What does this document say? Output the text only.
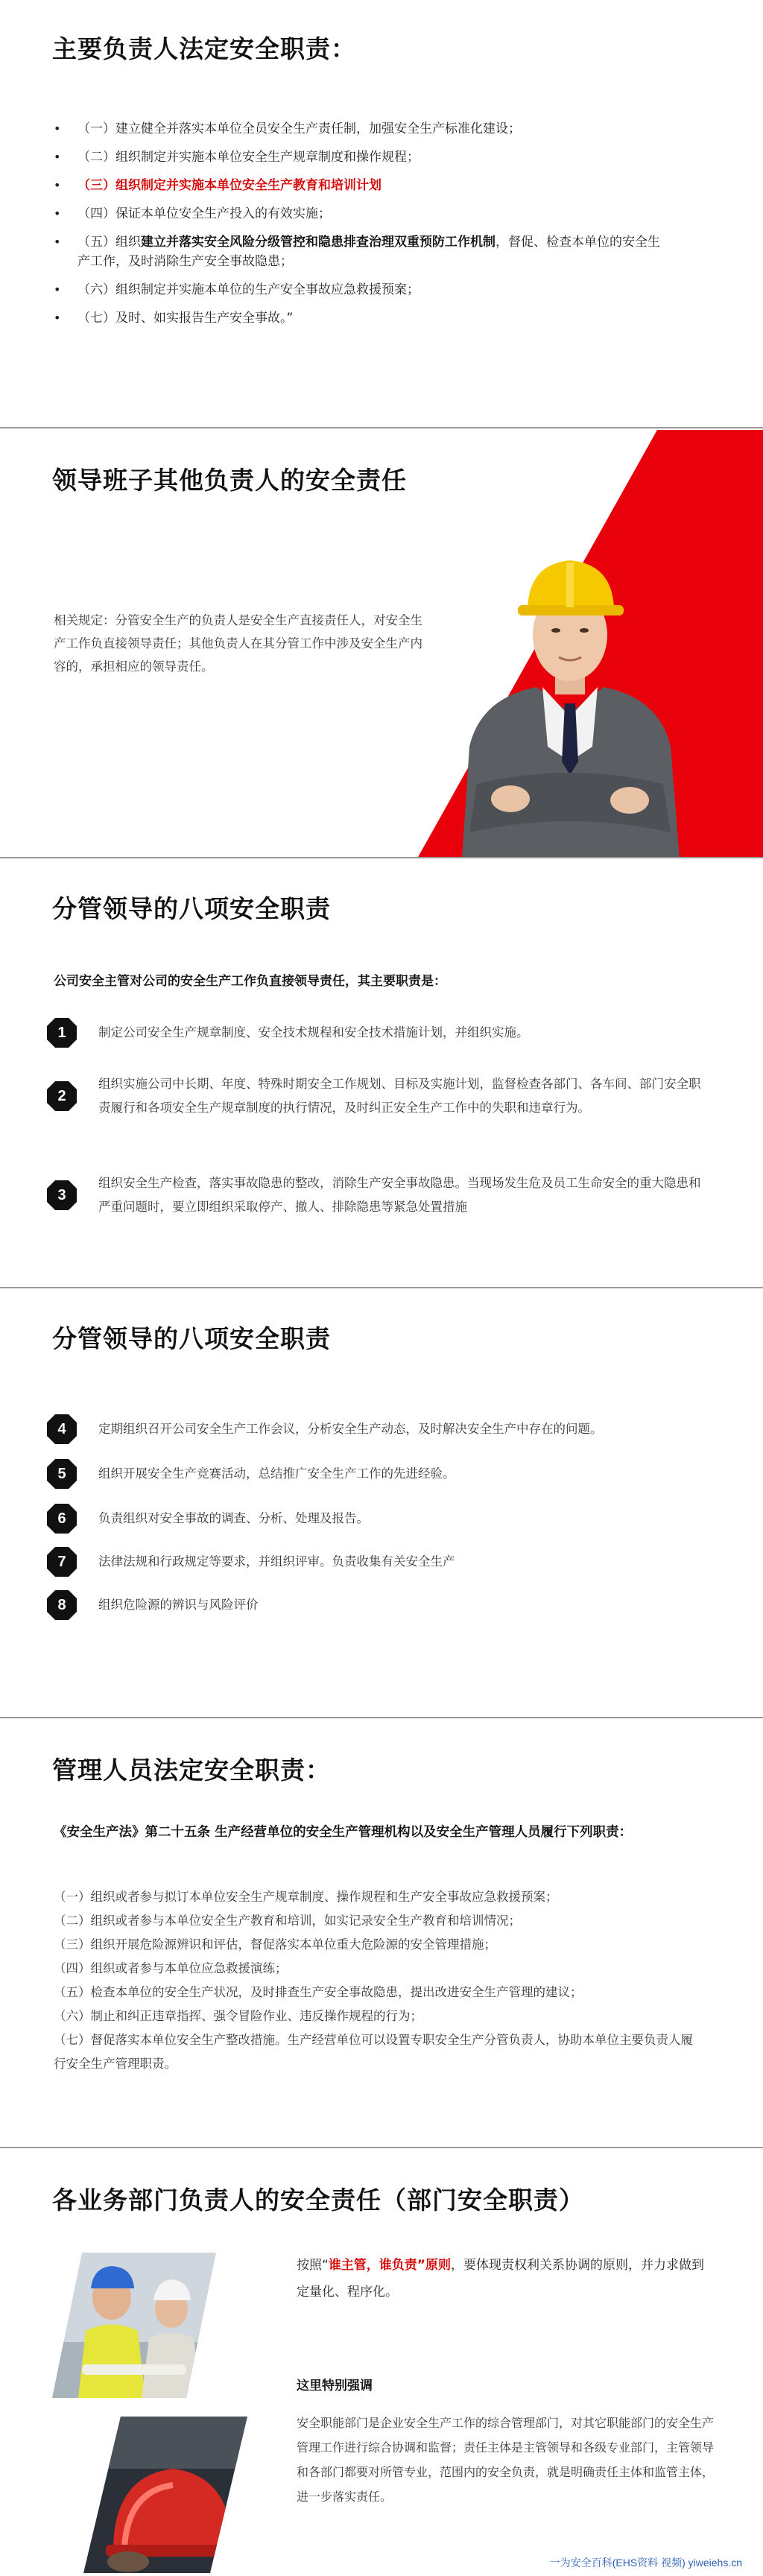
主要负责人法定安全职责：
• （一）建立健全并落实本单位全员安全生产责任制，加强安全生产标准化建设；
• （二）组织制定并实施本单位安全生产规章制度和操作规程；
• （三）组织制定并实施本单位安全生产教育和培训计划
• （四）保证本单位安全生产投入的有效实施；
• （五）组织建立并落实安全风险分级管控和隐患排查治理双重预防工作机制，督促、检查本单位的安全生产工作，及时消除生产安全事故隐患；
• （六）组织制定并实施本单位的生产安全事故应急救援预案；
• （七）及时、如实报告生产安全事故。”
领导班子其他负责人的安全责任

相关规定：分管安全生产的负责人是安全生产直接责任人，对安全生产工作负直接领导责任；其他负责人在其分管工作中涉及安全生产内容的，承担相应的领导责任。

分管领导的八项安全职责

公司安全主管对公司的安全生产工作负直接领导责任，其主要职责是：

1	制定公司安全生产规章制度、安全技术规程和安全技术措施计划，并组织实施。

2

组织实施公司中长期、年度、特殊时期安全工作规划、目标及实施计划，监督检查各部门、各车间、部门安全职责履行和各项安全生产规章制度的执行情况，及时纠正安全生产工作中的失职和违章行为。

3

组织安全生产检查，落实事故隐患的整改，消除生产安全事故隐患。当现场发生危及员工生命安全的重大隐患和严重问题时，要立即组织采取停产、撤人、排除隐患等紧急处置措施

分管领导的八项安全职责
4	定期组织召开公司安全生产工作会议，分析安全生产动态，及时解决安全生产中存在的问题。

5	组织开展安全生产竞赛活动，总结推广安全生产工作的先进经验。

6	负责组织对安全事故的调查、分析、处理及报告。

7	法律法规和行政规定等要求，并组织评审。负责收集有关安全生产

8	组织危险源的辨识与风险评价

管理人员法定安全职责：

《安全生产法》第二十五条 生产经营单位的安全生产管理机构以及安全生产管理人员履行下列职责：

（一）组织或者参与拟订本单位安全生产规章制度、操作规程和生产安全事故应急救援预案；
（二）组织或者参与本单位安全生产教育和培训，如实记录安全生产教育和培训情况；
（三）组织开展危险源辨识和评估，督促落实本单位重大危险源的安全管理措施；
（四）组织或者参与本单位应急救援演练；
（五）检查本单位的安全生产状况，及时排查生产安全事故隐患，提出改进安全生产管理的建议；
（六）制止和纠正违章指挥、强令冒险作业、违反操作规程的行为；
（七）督促落实本单位安全生产整改措施。生产经营单位可以设置专职安全生产分管负责人，协助本单位主要负责人履行安全生产管理职责。
各业务部门负责人的安全责任（部门安全职责）

按照“谁主管，谁负责”原则，要体现责权利关系协调的原则，并力求做到定量化、程序化。

这里特别强调

安全职能部门是企业安全生产工作的综合管理部门，对其它职能部门的安全生产管理工作进行综合协调和监督；责任主体是主管领导和各级专业部门，主管领导和各部门都要对所管专业，范围内的安全负责，就是明确责任主体和监管主体，进一步落实责任。

一为安全百科(EHS资料 视频) yiweiehs.cn
